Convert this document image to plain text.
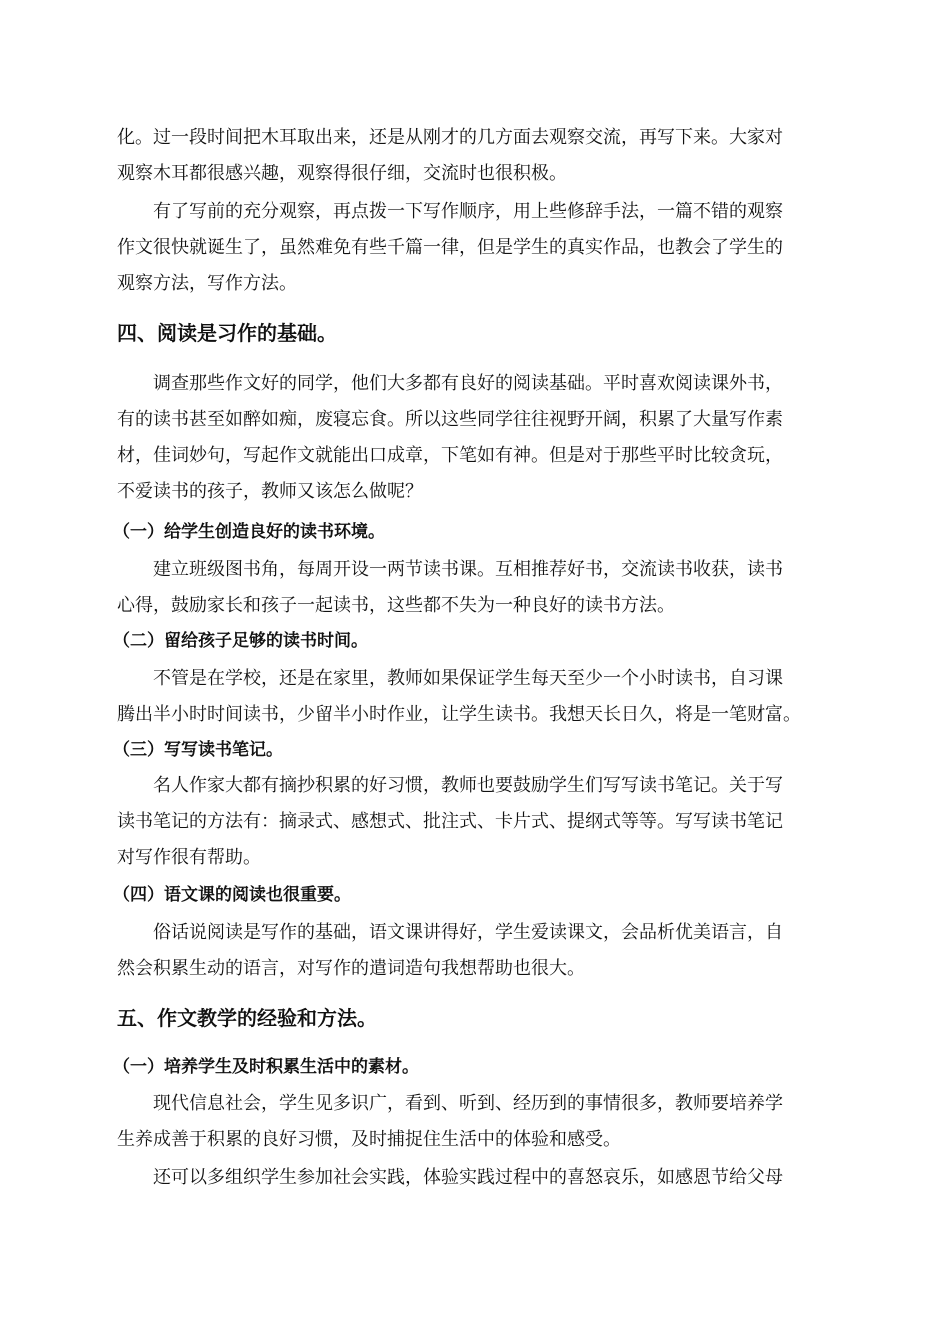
化。过一段时间把木耳取出来，还是从刚才的几方面去观察交流，再写下来。大家对
观察木耳都很感兴趣，观察得很仔细，交流时也很积极。

有了写前的充分观察，再点拨一下写作顺序，用上些修辞手法，一篇不错的观察
作文很快就诞生了，虽然难免有些千篇一律，但是学生的真实作品，也教会了学生的
观察方法，写作方法。

四、阅读是习作的基础。

调查那些作文好的同学，他们大多都有良好的阅读基础。平时喜欢阅读课外书，
有的读书甚至如醉如痴，废寝忘食。所以这些同学往往视野开阔，积累了大量写作素
材，佳词妙句，写起作文就能出口成章，下笔如有神。但是对于那些平时比较贪玩，
不爱读书的孩子，教师又该怎么做呢？

（一）给学生创造良好的读书环境。

建立班级图书角，每周开设一两节读书课。互相推荐好书，交流读书收获，读书
心得，鼓励家长和孩子一起读书，这些都不失为一种良好的读书方法。

（二）留给孩子足够的读书时间。

不管是在学校，还是在家里，教师如果保证学生每天至少一个小时读书，自习课
腾出半小时时间读书，少留半小时作业，让学生读书。我想天长日久，将是一笔财富。

（三）写写读书笔记。

名人作家大都有摘抄积累的好习惯，教师也要鼓励学生们写写读书笔记。关于写
读书笔记的方法有：摘录式、感想式、批注式、卡片式、提纲式等等。写写读书笔记
对写作很有帮助。

（四）语文课的阅读也很重要。

俗话说阅读是写作的基础，语文课讲得好，学生爱读课文，会品析优美语言，自
然会积累生动的语言，对写作的遣词造句我想帮助也很大。

五、作文教学的经验和方法。
（一）培养学生及时积累生活中的素材。

现代信息社会，学生见多识广，看到、听到、经历到的事情很多，教师要培养学
生养成善于积累的良好习惯，及时捕捉住生活中的体验和感受。

还可以多组织学生参加社会实践，体验实践过程中的喜怒哀乐，如感恩节给父母
